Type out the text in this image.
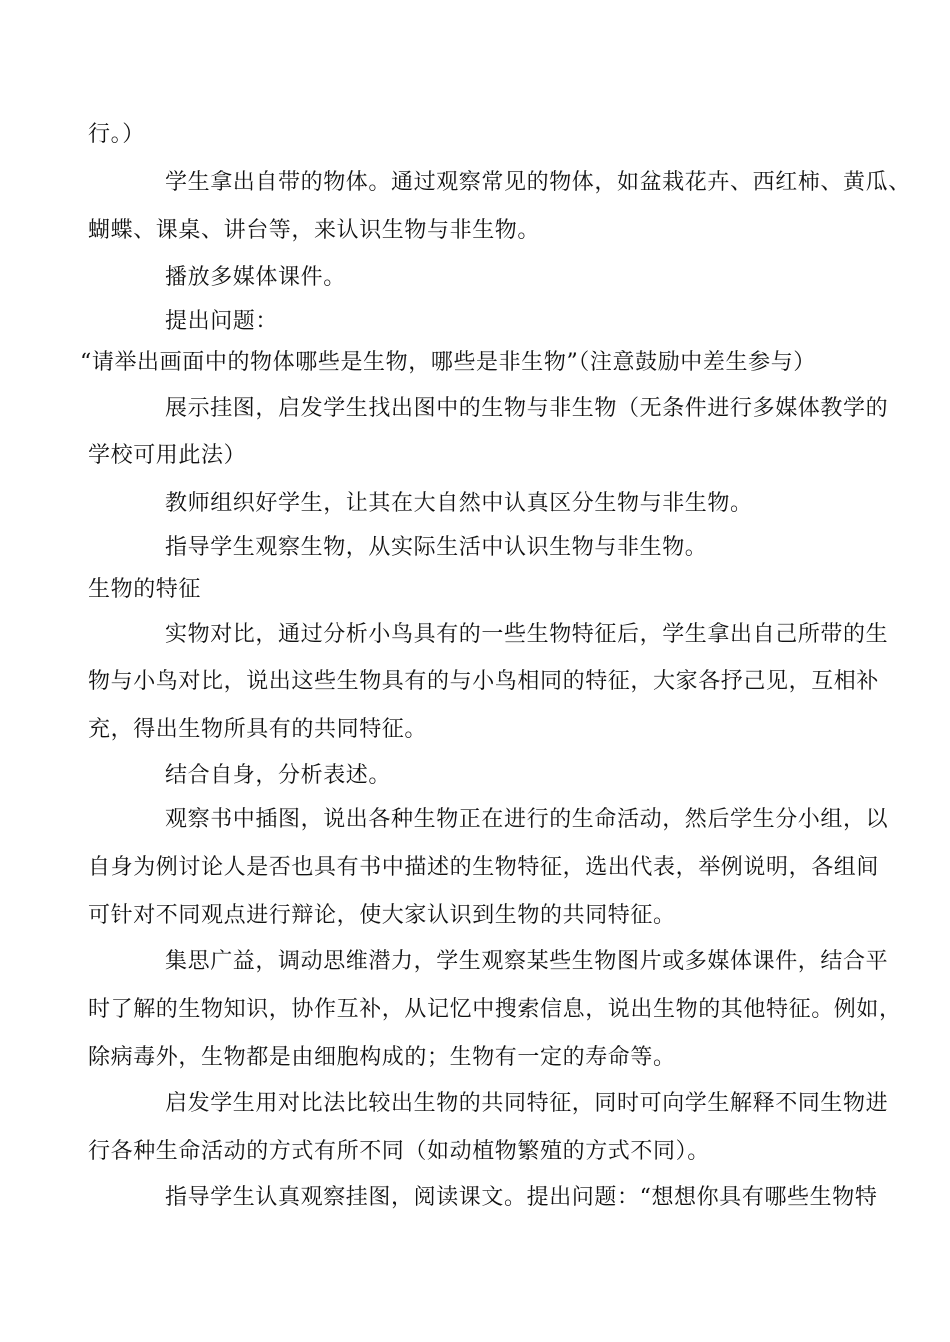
行。）
学生拿出自带的物体。通过观察常见的物体，如盆栽花卉、西红柿、黄瓜、
蝴蝶、课桌、讲台等，来认识生物与非生物。
播放多媒体课件。
提出问题：
“请举出画面中的物体哪些是生物，哪些是非生物”（注意鼓励中差生参与）
展示挂图，启发学生找出图中的生物与非生物（无条件进行多媒体教学的
学校可用此法）
教师组织好学生，让其在大自然中认真区分生物与非生物。
指导学生观察生物，从实际生活中认识生物与非生物。
生物的特征
实物对比，通过分析小鸟具有的一些生物特征后，学生拿出自己所带的生
物与小鸟对比，说出这些生物具有的与小鸟相同的特征，大家各抒己见，互相补
充，得出生物所具有的共同特征。
结合自身，分析表述。
观察书中插图，说出各种生物正在进行的生命活动，然后学生分小组，以
自身为例讨论人是否也具有书中描述的生物特征，选出代表，举例说明，各组间
可针对不同观点进行辩论，使大家认识到生物的共同特征。
集思广益，调动思维潜力，学生观察某些生物图片或多媒体课件，结合平
时了解的生物知识，协作互补，从记忆中搜索信息，说出生物的其他特征。例如，
除病毒外，生物都是由细胞构成的；生物有一定的寿命等。
启发学生用对比法比较出生物的共同特征，同时可向学生解释不同生物进
行各种生命活动的方式有所不同（如动植物繁殖的方式不同）。
指导学生认真观察挂图，阅读课文。提出问题：“想想你具有哪些生物特
